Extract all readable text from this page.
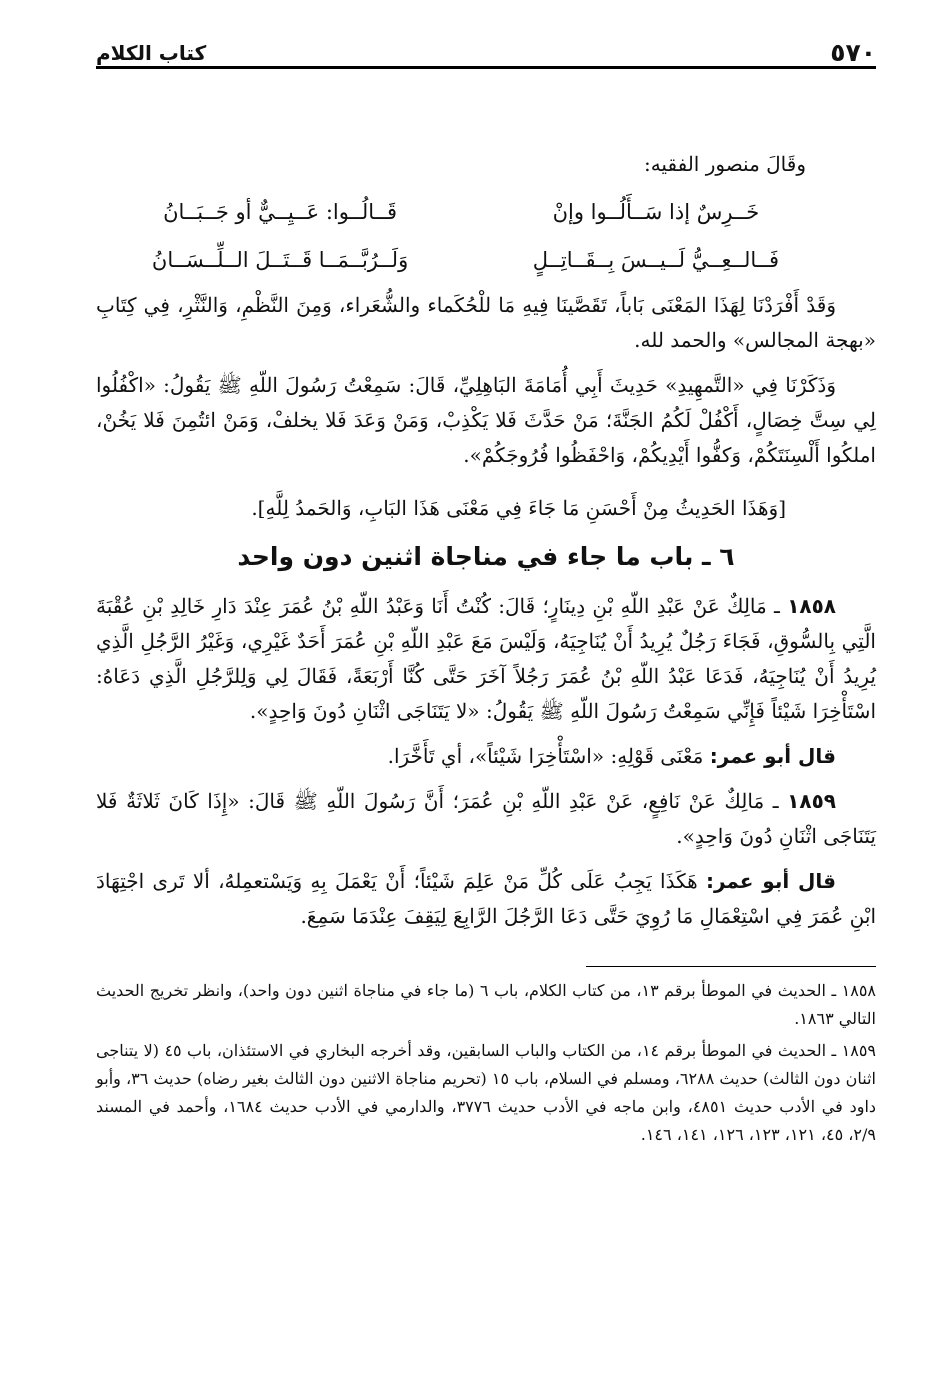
٥٧٠
كتاب الكلام

وقَالَ منصور الفقيه:

خَــرِسٌ إذا سَــأَلُــوا وإنْ
قَــالُــوا: عَــيِــيٌّ أو جَــبَــانُ
فَــالــعِــيُّ لَــيــسَ بِــقَــاتِــلٍ
وَلَــرُبَّــمَــا قَــتَــلَ الــلِّــسَــانُ

وَقَدْ أَفْرَدْنَا لِهَذَا المَعْنَى بَاباً، تَقَصَّينَا فِيهِ مَا للْحُكَماء والشُّعَراء، وَمِنَ النَّظْمِ، وَالنَّثْرِ، فِي كِتَابِ «بهجة المجالس» والحمد لله.

وَذَكَرْنَا فِي «التَّمهِيدِ» حَدِيثَ أَبِي أُمَامَةَ البَاهِلِيِّ، قَالَ: سَمِعْتُ رَسُولَ اللّهِ ﷺ يَقُولُ: «اكْفُلُوا لِي سِتَّ خِصَالٍ، أَكْفُلْ لَكُمُ الجَنَّةَ؛ مَنْ حَدَّثَ فَلا يَكْذِبْ، وَمَنْ وَعَدَ فَلا يخلفْ، وَمَنْ ائتُمِنَ فَلا يَخُنْ، املكُوا أَلْسِنَتَكُمْ، وَكفُّوا أَيْدِيكُمْ، وَاحْفَظُوا فُرُوجَكُمْ».

[وَهَذَا الحَدِيثُ مِنْ أَحْسَنِ مَا جَاءَ فِي مَعْنَى هَذَا البَابِ، وَالحَمدُ لِلَّهِ].

٦ ـ باب ما جاء في مناجاة اثنين دون واحد

١٨٥٨ ـ مَالِكٌ عَنْ عَبْدِ اللّهِ بْنِ دِينَارٍ؛ قَالَ: كُنْتُ أَنَا وَعَبْدُ اللّهِ بْنُ عُمَرَ عِنْدَ دَارِ خَالِدِ بْنِ عُقْبَةَ الَّتِي بِالسُّوقِ، فَجَاءَ رَجُلٌ يُرِيدُ أَنْ يُنَاجِيَهُ، وَلَيْسَ مَعَ عَبْدِ اللّهِ بْنِ عُمَرَ أَحَدٌ غَيْرِي، وَغَيْرُ الرَّجُلِ الَّذِي يُرِيدُ أَنْ يُنَاجِيَهُ، فَدَعَا عَبْدُ اللّهِ بْنُ عُمَرَ رَجُلاً آخَرَ حَتَّى كُنَّا أَرْبَعَةً، فَقَالَ لِي وَلِلرَّجُلِ الَّذِي دَعَاهُ: اسْتَأْخِرَا شَيْئاً فَإِنِّي سَمِعْتُ رَسُولَ اللّهِ ﷺ يَقُولُ: «لا يَتَنَاجَى اثْنَانِ دُونَ وَاحِدٍ».

قال أبو عمر: مَعْنَى قَوْلِهِ: «اسْتَأْخِرَا شَيْئاً»، أي تَأَخَّرَا.

١٨٥٩ ـ مَالِكٌ عَنْ نَافِعٍ، عَنْ عَبْدِ اللّهِ بْنِ عُمَرَ؛ أَنَّ رَسُولَ اللّهِ ﷺ قَالَ: «إِذَا كَانَ ثَلاثَةٌ فَلا يَتَنَاجَى اثْنَانِ دُونَ وَاحِدٍ».

قال أبو عمر: هَكَذَا يَجِبُ عَلَى كُلِّ مَنْ عَلِمَ شَيْئاً؛ أَنْ يَعْمَلَ بِهِ وَيَسْتعمِلهُ، ألا تَرى اجْتِهَادَ ابْنِ عُمَرَ فِي اسْتِعْمَالِ مَا رُوِيَ حَتَّى دَعَا الرَّجُلَ الرَّابِعَ لِيَقِفَ عِنْدَمَا سَمِعَ.

١٨٥٨ ـ الحديث في الموطأ برقم ١٣، من كتاب الكلام، باب ٦ (ما جاء في مناجاة اثنين دون واحد)، وانظر تخريج الحديث التالي ١٨٦٣.

١٨٥٩ ـ الحديث في الموطأ برقم ١٤، من الكتاب والباب السابقين، وقد أخرجه البخاري في الاستئذان، باب ٤٥ (لا يتناجى اثنان دون الثالث) حديث ٦٢٨٨، ومسلم في السلام، باب ١٥ (تحريم مناجاة الاثنين دون الثالث بغير رضاه) حديث ٣٦، وأبو داود في الأدب حديث ٤٨٥١، وابن ماجه في الأدب حديث ٣٧٧٦، والدارمي في الأدب حديث ١٦٨٤، وأحمد في المسند ٢/٩، ٤٥، ١٢١، ١٢٣، ١٢٦، ١٤١، ١٤٦.
